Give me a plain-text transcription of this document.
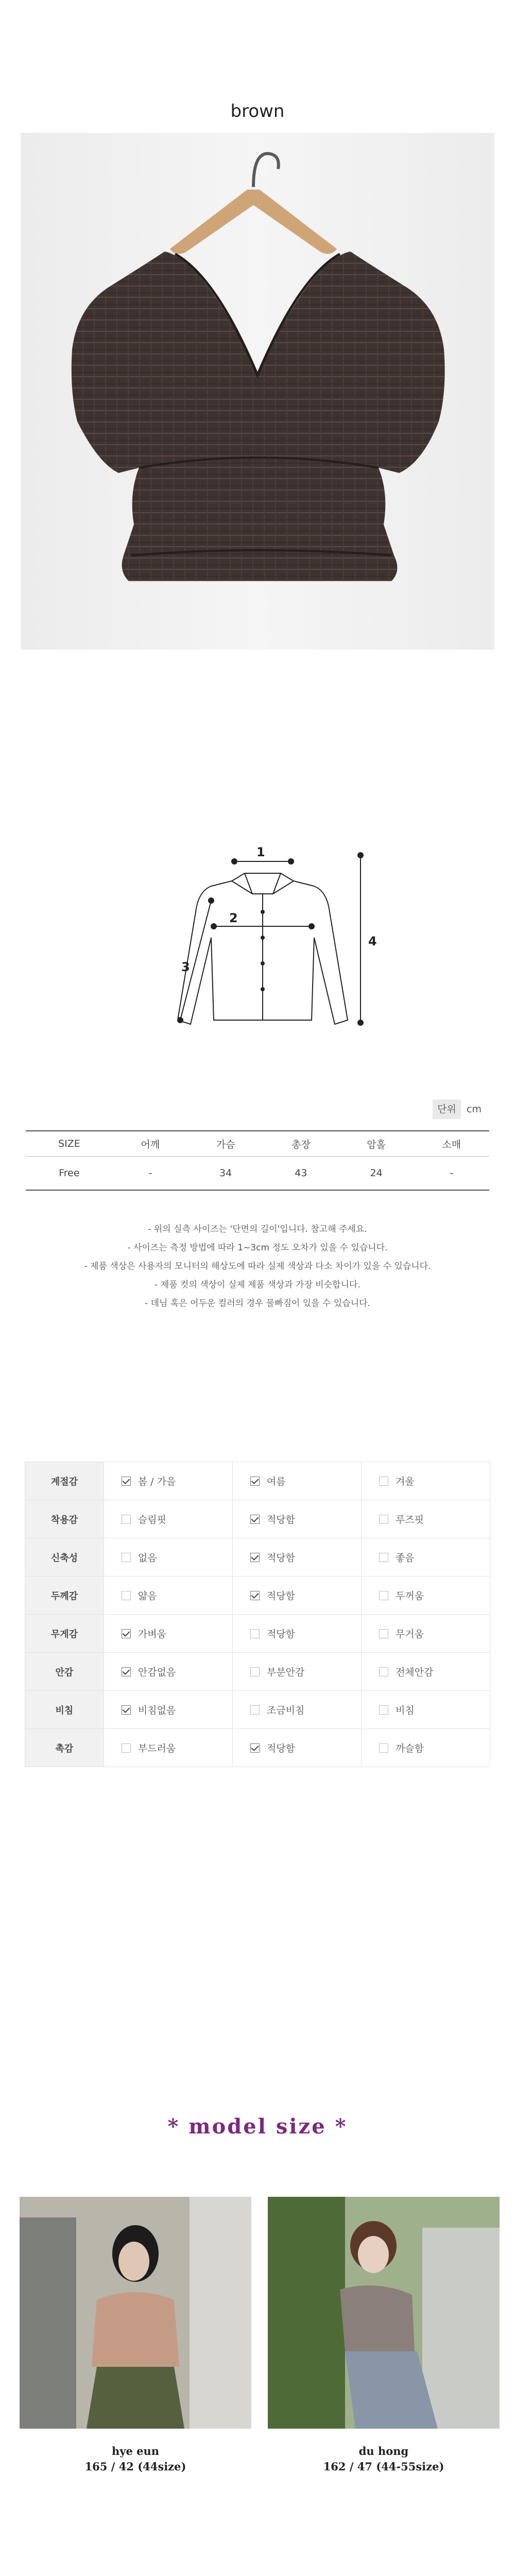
brown
1
2
3
4
단위	cm
SIZE	어깨	가슴	총장	암홀	소매
Free	-	34	43	24	-
- 위의 실측 사이즈는 '단면의 길이'입니다. 참고해 주세요.
- 사이즈는 측정 방법에 따라 1~3cm 정도 오차가 있을 수 있습니다.
- 제품 색상은 사용자의 모니터의 해상도에 따라 실제 색상과 다소 차이가 있을 수 있습니다.
- 제품 컷의 색상이 실제 제품 색상과 가장 비슷합니다.
- 데님 혹은 어두운 컬러의 경우 물빠짐이 있을 수 있습니다.
계절감	봄 / 가을	여름	겨울
착용감	슬림핏	적당함	루즈핏
신축성	없음	적당함	좋음
두께감	얇음	적당함	두꺼움
무게감	가벼움	적당함	무거움
안감	안감없음	부분안감	전체안감
비침	비침없음	조금비침	비침
촉감	부드러움	적당함	까슬함
* model size *
hye eun
165 / 42 (44size)
du hong
162 / 47 (44-55size)
